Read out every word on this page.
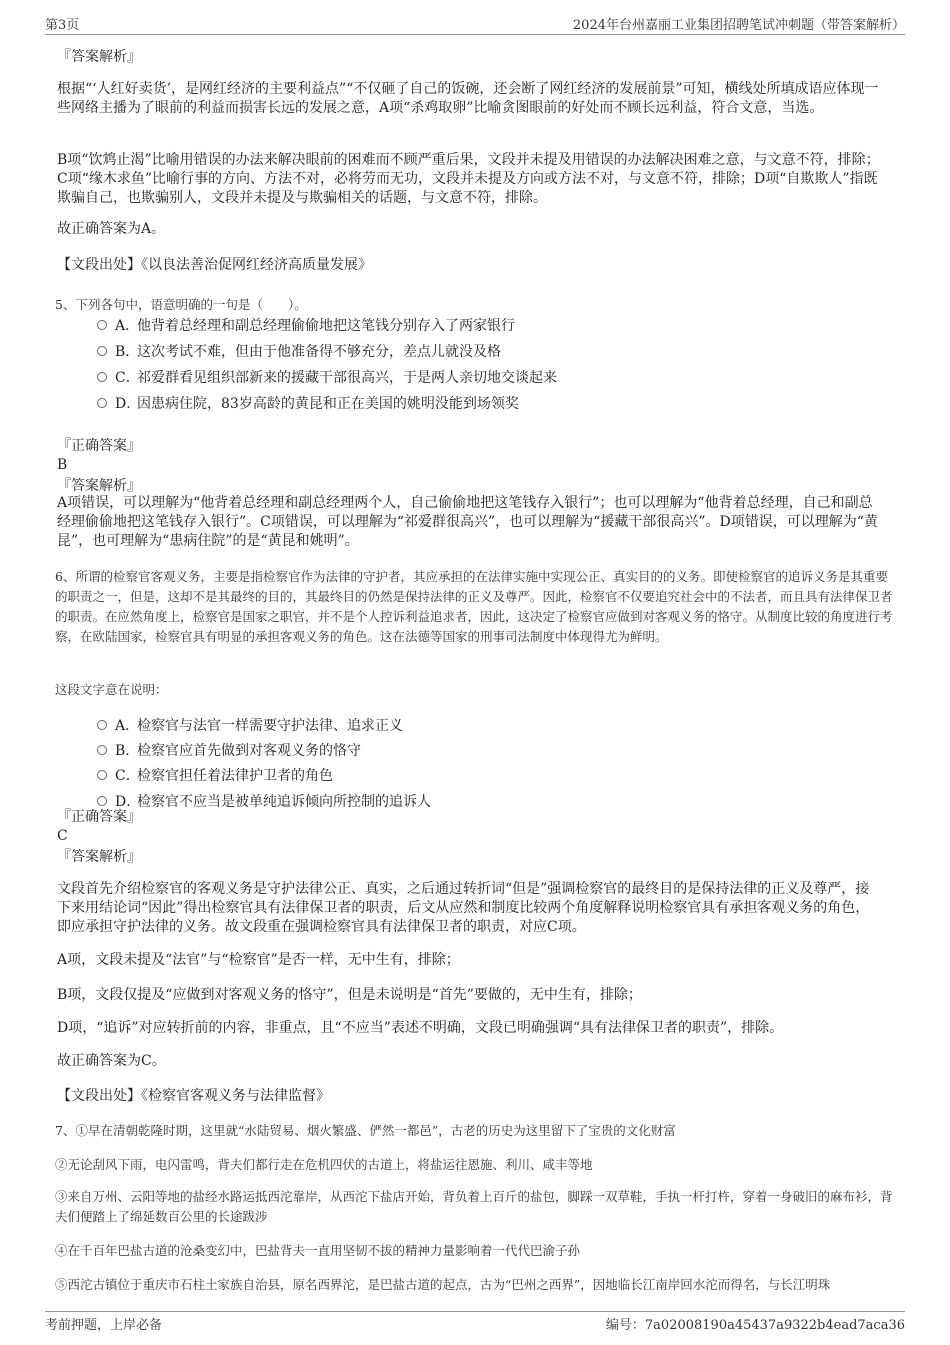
第3页	2024年台州嘉丽工业集团招聘笔试冲刺题（带答案解析）

『答案解析』

根据“‘人红好卖货’，是网红经济的主要利益点”“不仅砸了自己的饭碗，还会断了网红经济的发展前景”可知，横线处所填成语应体现一些网络主播为了眼前的利益而损害长远的发展之意，A项“杀鸡取卵”比喻贪图眼前的好处而不顾长远利益，符合文意，当选。

B项“饮鸩止渴”比喻用错误的办法来解决眼前的困难而不顾严重后果，文段并未提及用错误的办法解决困难之意，与文意不符，排除；C项“缘木求鱼”比喻行事的方向、方法不对，必将劳而无功，文段并未提及方向或方法不对，与文意不符，排除；D项“自欺欺人”指既欺骗自己，也欺骗别人，文段并未提及与欺骗相关的话题，与文意不符，排除。

故正确答案为A。

【文段出处】《以良法善治促网红经济高质量发展》

5、下列各句中，语意明确的一句是（　　）。

A．他背着总经理和副总经理偷偷地把这笔钱分别存入了两家银行
B．这次考试不难，但由于他准备得不够充分，差点儿就没及格
C．祁爱群看见组织部新来的援藏干部很高兴，于是两人亲切地交谈起来
D．因患病住院，83岁高龄的黄昆和正在美国的姚明没能到场领奖

『正确答案』

B

『答案解析』

A项错误，可以理解为“他背着总经理和副总经理两个人，自己偷偷地把这笔钱存入银行”；也可以理解为“他背着总经理，自己和副总经理偷偷地把这笔钱存入银行”。C项错误，可以理解为“祁爱群很高兴”，也可以理解为“援藏干部很高兴”。D项错误，可以理解为“黄昆”，也可理解为“患病住院”的是“黄昆和姚明”。

6、所谓的检察官客观义务，主要是指检察官作为法律的守护者，其应承担的在法律实施中实现公正、真实目的的义务。即使检察官的追诉义务是其重要的职责之一，但是，这却不是其最终的目的，其最终目的仍然是保持法律的正义及尊严。因此，检察官不仅要追究社会中的不法者，而且具有法律保卫者的职责。在应然角度上，检察官是国家之职官，并不是个人控诉利益追求者，因此，这决定了检察官应做到对客观义务的恪守。从制度比较的角度进行考察，在欧陆国家，检察官具有明显的承担客观义务的角色。这在法德等国家的刑事司法制度中体现得尤为鲜明。

这段文字意在说明：

A．检察官与法官一样需要守护法律、追求正义
B．检察官应首先做到对客观义务的恪守
C．检察官担任着法律护卫者的角色
D．检察官不应当是被单纯追诉倾向所控制的追诉人

『正确答案』

C

『答案解析』

文段首先介绍检察官的客观义务是守护法律公正、真实，之后通过转折词“但是”强调检察官的最终目的是保持法律的正义及尊严，接下来用结论词“因此”得出检察官具有法律保卫者的职责，后文从应然和制度比较两个角度解释说明检察官具有承担客观义务的角色，即应承担守护法律的义务。故文段重在强调检察官具有法律保卫者的职责，对应C项。

A项，文段未提及“法官”与“检察官”是否一样，无中生有，排除；

B项，文段仅提及“应做到对客观义务的恪守”，但是未说明是“首先”要做的，无中生有，排除；

D项，“追诉”对应转折前的内容，非重点，且“不应当”表述不明确，文段已明确强调“具有法律保卫者的职责”，排除。

故正确答案为C。

【文段出处】《检察官客观义务与法律监督》

7、①早在清朝乾隆时期，这里就“水陆贸易、烟火繁盛、俨然一都邑”，古老的历史为这里留下了宝贵的文化财富

②无论刮风下雨，电闪雷鸣，背夫们都行走在危机四伏的古道上，将盐运往恩施、利川、咸丰等地

③来自万州、云阳等地的盐经水路运抵西沱靠岸，从西沱下盐店开始，背负着上百斤的盐包，脚踩一双草鞋，手执一杆打杵，穿着一身破旧的麻布衫，背夫们便踏上了绵延数百公里的长途跋涉

④在千百年巴盐古道的沧桑变幻中，巴盐背夫一直用坚韧不拔的精神力量影响着一代代巴渝子孙

⑤西沱古镇位于重庆市石柱土家族自治县，原名西界沱，是巴盐古道的起点，古为“巴州之西界”，因地临长江南岸回水沱而得名，与长江明珠

考前押题，上岸必备	编号：7a02008190a45437a9322b4ead7aca36
